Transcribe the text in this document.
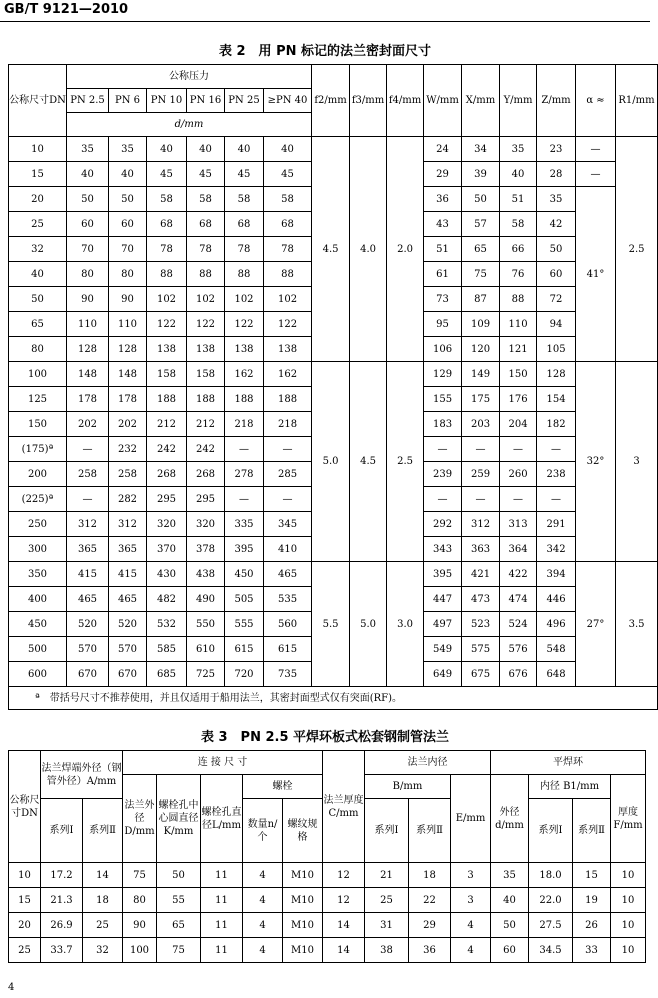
GB/T 9121—2010
表 2　用 PN 标记的法兰密封面尺寸
公称尺寸DN	公称压力						f2/mm	f3/mm	f4/mm	W/mm	X/mm	Y/mm	Z/mm	α ≈	R1/mm
	PN 2.5	PN 6	PN 10	PN 16	PN 25	≥PN 40									
	d/mm														
10	35	35	40	40	40	40	4.5	4.0	2.0	24	34	35	23	—	2.5
15	40	40	45	45	45	45				29	39	40	28	—	
20	50	50	58	58	58	58				36	50	51	35	41°	
25	60	60	68	68	68	68				43	57	58	42		
32	70	70	78	78	78	78				51	65	66	50		
40	80	80	88	88	88	88				61	75	76	60		
50	90	90	102	102	102	102				73	87	88	72		
65	110	110	122	122	122	122				95	109	110	94		
80	128	128	138	138	138	138				106	120	121	105		
100	148	148	158	158	162	162	5.0	4.5	2.5	129	149	150	128	32°	3
125	178	178	188	188	188	188				155	175	176	154		
150	202	202	212	212	218	218				183	203	204	182		
(175)ª	—	232	242	242	—	—				—	—	—	—		
200	258	258	268	268	278	285				239	259	260	238		
(225)ª	—	282	295	295	—	—				—	—	—	—		
250	312	312	320	320	335	345				292	312	313	291		
300	365	365	370	378	395	410				343	363	364	342		
350	415	415	430	438	450	465	5.5	5.0	3.0	395	421	422	394	27°	3.5
400	465	465	482	490	505	535				447	473	474	446		
450	520	520	532	550	555	560				497	523	524	496		
500	570	570	585	610	615	615				549	575	576	548		
600	670	670	685	725	720	735				649	675	676	648		
ª　带括号尺寸不推荐使用，并且仅适用于船用法兰，其密封面型式仅有突面(RF)。															
表 3　PN 2.5 平焊环板式松套钢制管法兰
公称尺寸DN	法兰焊端外径（钢管外径）A/mm		连 接 尺 寸					法兰厚度C/mm	法兰内径			平焊环			
			法兰外径D/mm	螺栓孔中心圆直径K/mm	螺栓孔直径L/mm	螺栓			B/mm		E/mm	外径d/mm	内径 B1/mm		厚度F/mm
	系列Ⅰ	系列Ⅱ				数量n/个	螺纹规格		系列Ⅰ	系列Ⅱ			系列Ⅰ	系列Ⅱ	
10	17.2	14	75	50	11	4	M10	12	21	18	3	35	18.0	15	10
15	21.3	18	80	55	11	4	M10	12	25	22	3	40	22.0	19	10
20	26.9	25	90	65	11	4	M10	14	31	29	4	50	27.5	26	10
25	33.7	32	100	75	11	4	M10	14	38	36	4	60	34.5	33	10
4
